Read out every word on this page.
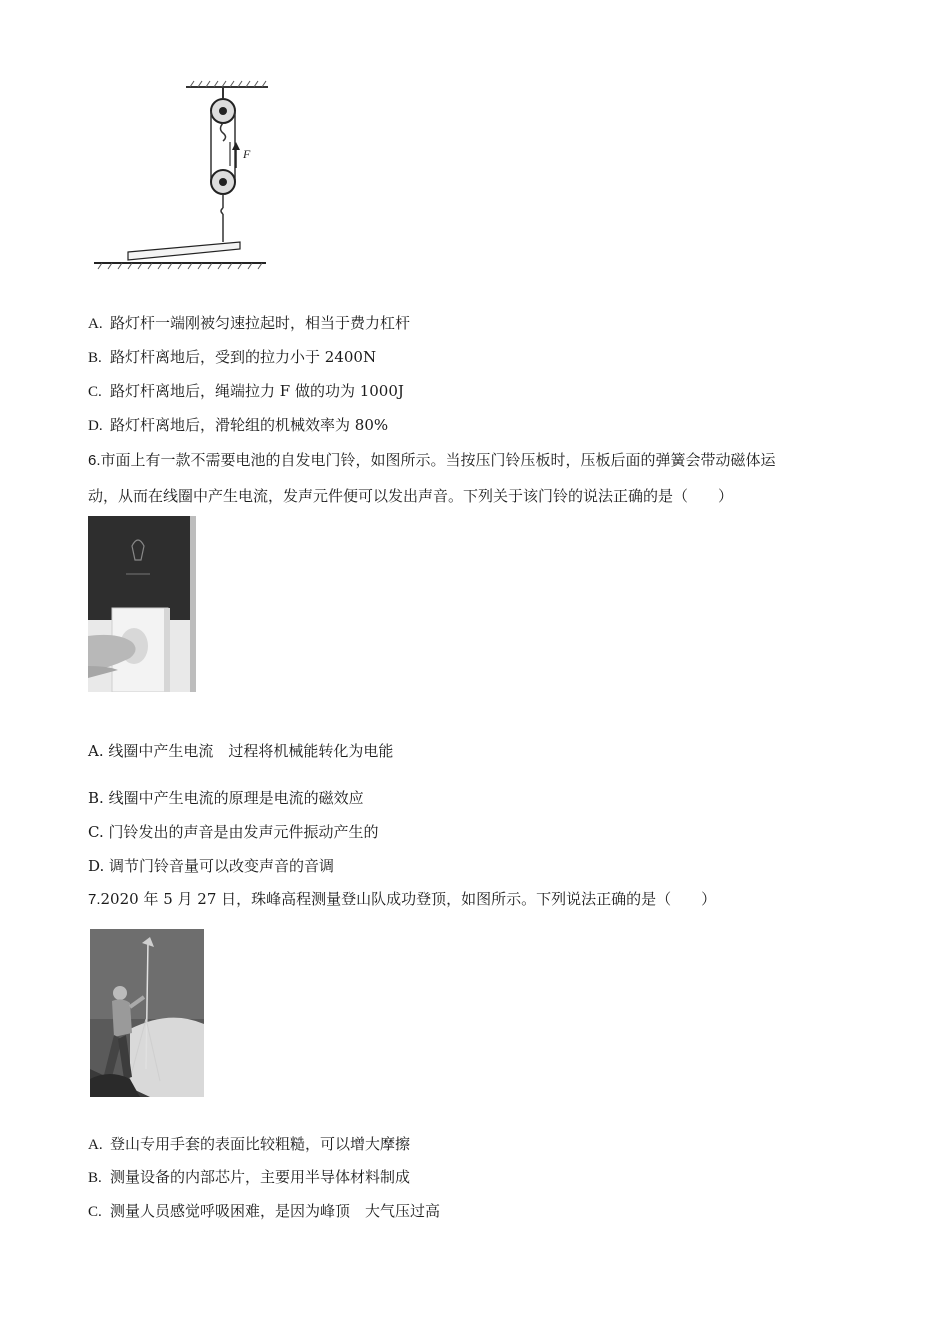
F
A. 路灯杆一端刚被匀速拉起时，相当于费力杠杆
B. 路灯杆离地后，受到的拉力小于 2400N
C. 路灯杆离地后，绳端拉力 F 做的功为 1000J
D. 路灯杆离地后，滑轮组的机械效率为 80%
6.市面上有一款不需要电池的自发电门铃，如图所示。当按压门铃压板时，压板后面的弹簧会带动磁体运
动，从而在线圈中产生电流，发声元件便可以发出声音。下列关于该门铃的说法正确的是（　　）
A. 线圈中产生电流　过程将机械能转化为电能
B. 线圈中产生电流的原理是电流的磁效应
C. 门铃发出的声音是由发声元件振动产生的
D. 调节门铃音量可以改变声音的音调
7.2020 年 5 月 27 日，珠峰高程测量登山队成功登顶，如图所示。下列说法正确的是（　　）
A. 登山专用手套的表面比较粗糙，可以增大摩擦
B. 测量设备的内部芯片，主要用半导体材料制成
C. 测量人员感觉呼吸困难，是因为峰顶　大气压过高
